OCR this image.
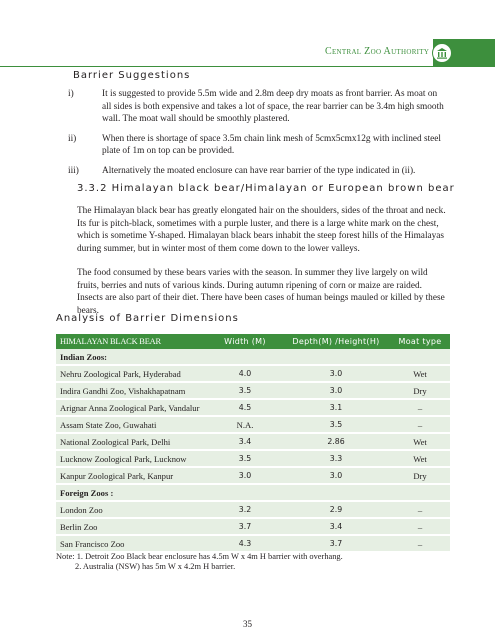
Central Zoo Authority
Barrier Suggestions
i)	It is suggested to provide 5.5m wide and 2.8m deep dry moats as front barrier. As moat on all sides is both expensive and takes a lot of space, the rear barrier can be 3.4m high smooth wall. The moat wall should be smoothly plastered.
ii)	When there is shortage of space 3.5m chain link mesh of 5cmx5cmx12g with inclined steel plate of 1m on top can be provided.
iii) Alternatively the moated enclosure can have rear barrier of the type indicated in (ii).
3.3.2 Himalayan black bear/Himalayan or European brown bear
The Himalayan black bear has greatly elongated hair on the shoulders, sides of the throat and neck. Its fur is pitch-black, sometimes with a purple luster, and there is a large white mark on the chest, which is sometime Y-shaped. Himalayan black bears inhabit the steep forest hills of the Himalayas during summer, but in winter most of them come down to the lower valleys.
The food consumed by these bears varies with the season. In summer they live largely on wild fruits, berries and nuts of various kinds. During autumn ripening of corn or maize are raided. Insects are also part of their diet. There have been cases of human beings mauled or killed by these bears.
Analysis of Barrier Dimensions
HIMALAYAN BLACK BEAR	Width (M)	Depth(M) /Height(H)	Moat type
Indian Zoos:			
Nehru Zoological Park, Hyderabad	4.0	3.0	Wet
Indira Gandhi Zoo, Vishakhapatnam	3.5	3.0	Dry
Arignar Anna Zoological Park, Vandalur	4.5	3.1	–
Assam State Zoo, Guwahati	N.A.	3.5	–
National Zoological Park, Delhi	3.4	2.86	Wet
Lucknow Zoological Park, Lucknow	3.5	3.3	Wet
Kanpur Zoological Park, Kanpur	3.0	3.0	Dry
Foreign Zoos :			
London Zoo	3.2	2.9	–
Berlin Zoo	3.7	3.4	–
San Francisco Zoo	4.3	3.7	–
Note: 1. Detroit Zoo Black bear enclosure has 4.5m W x 4m H barrier with overhang.
2. Australia (NSW) has 5m W x 4.2m H barrier.
35
